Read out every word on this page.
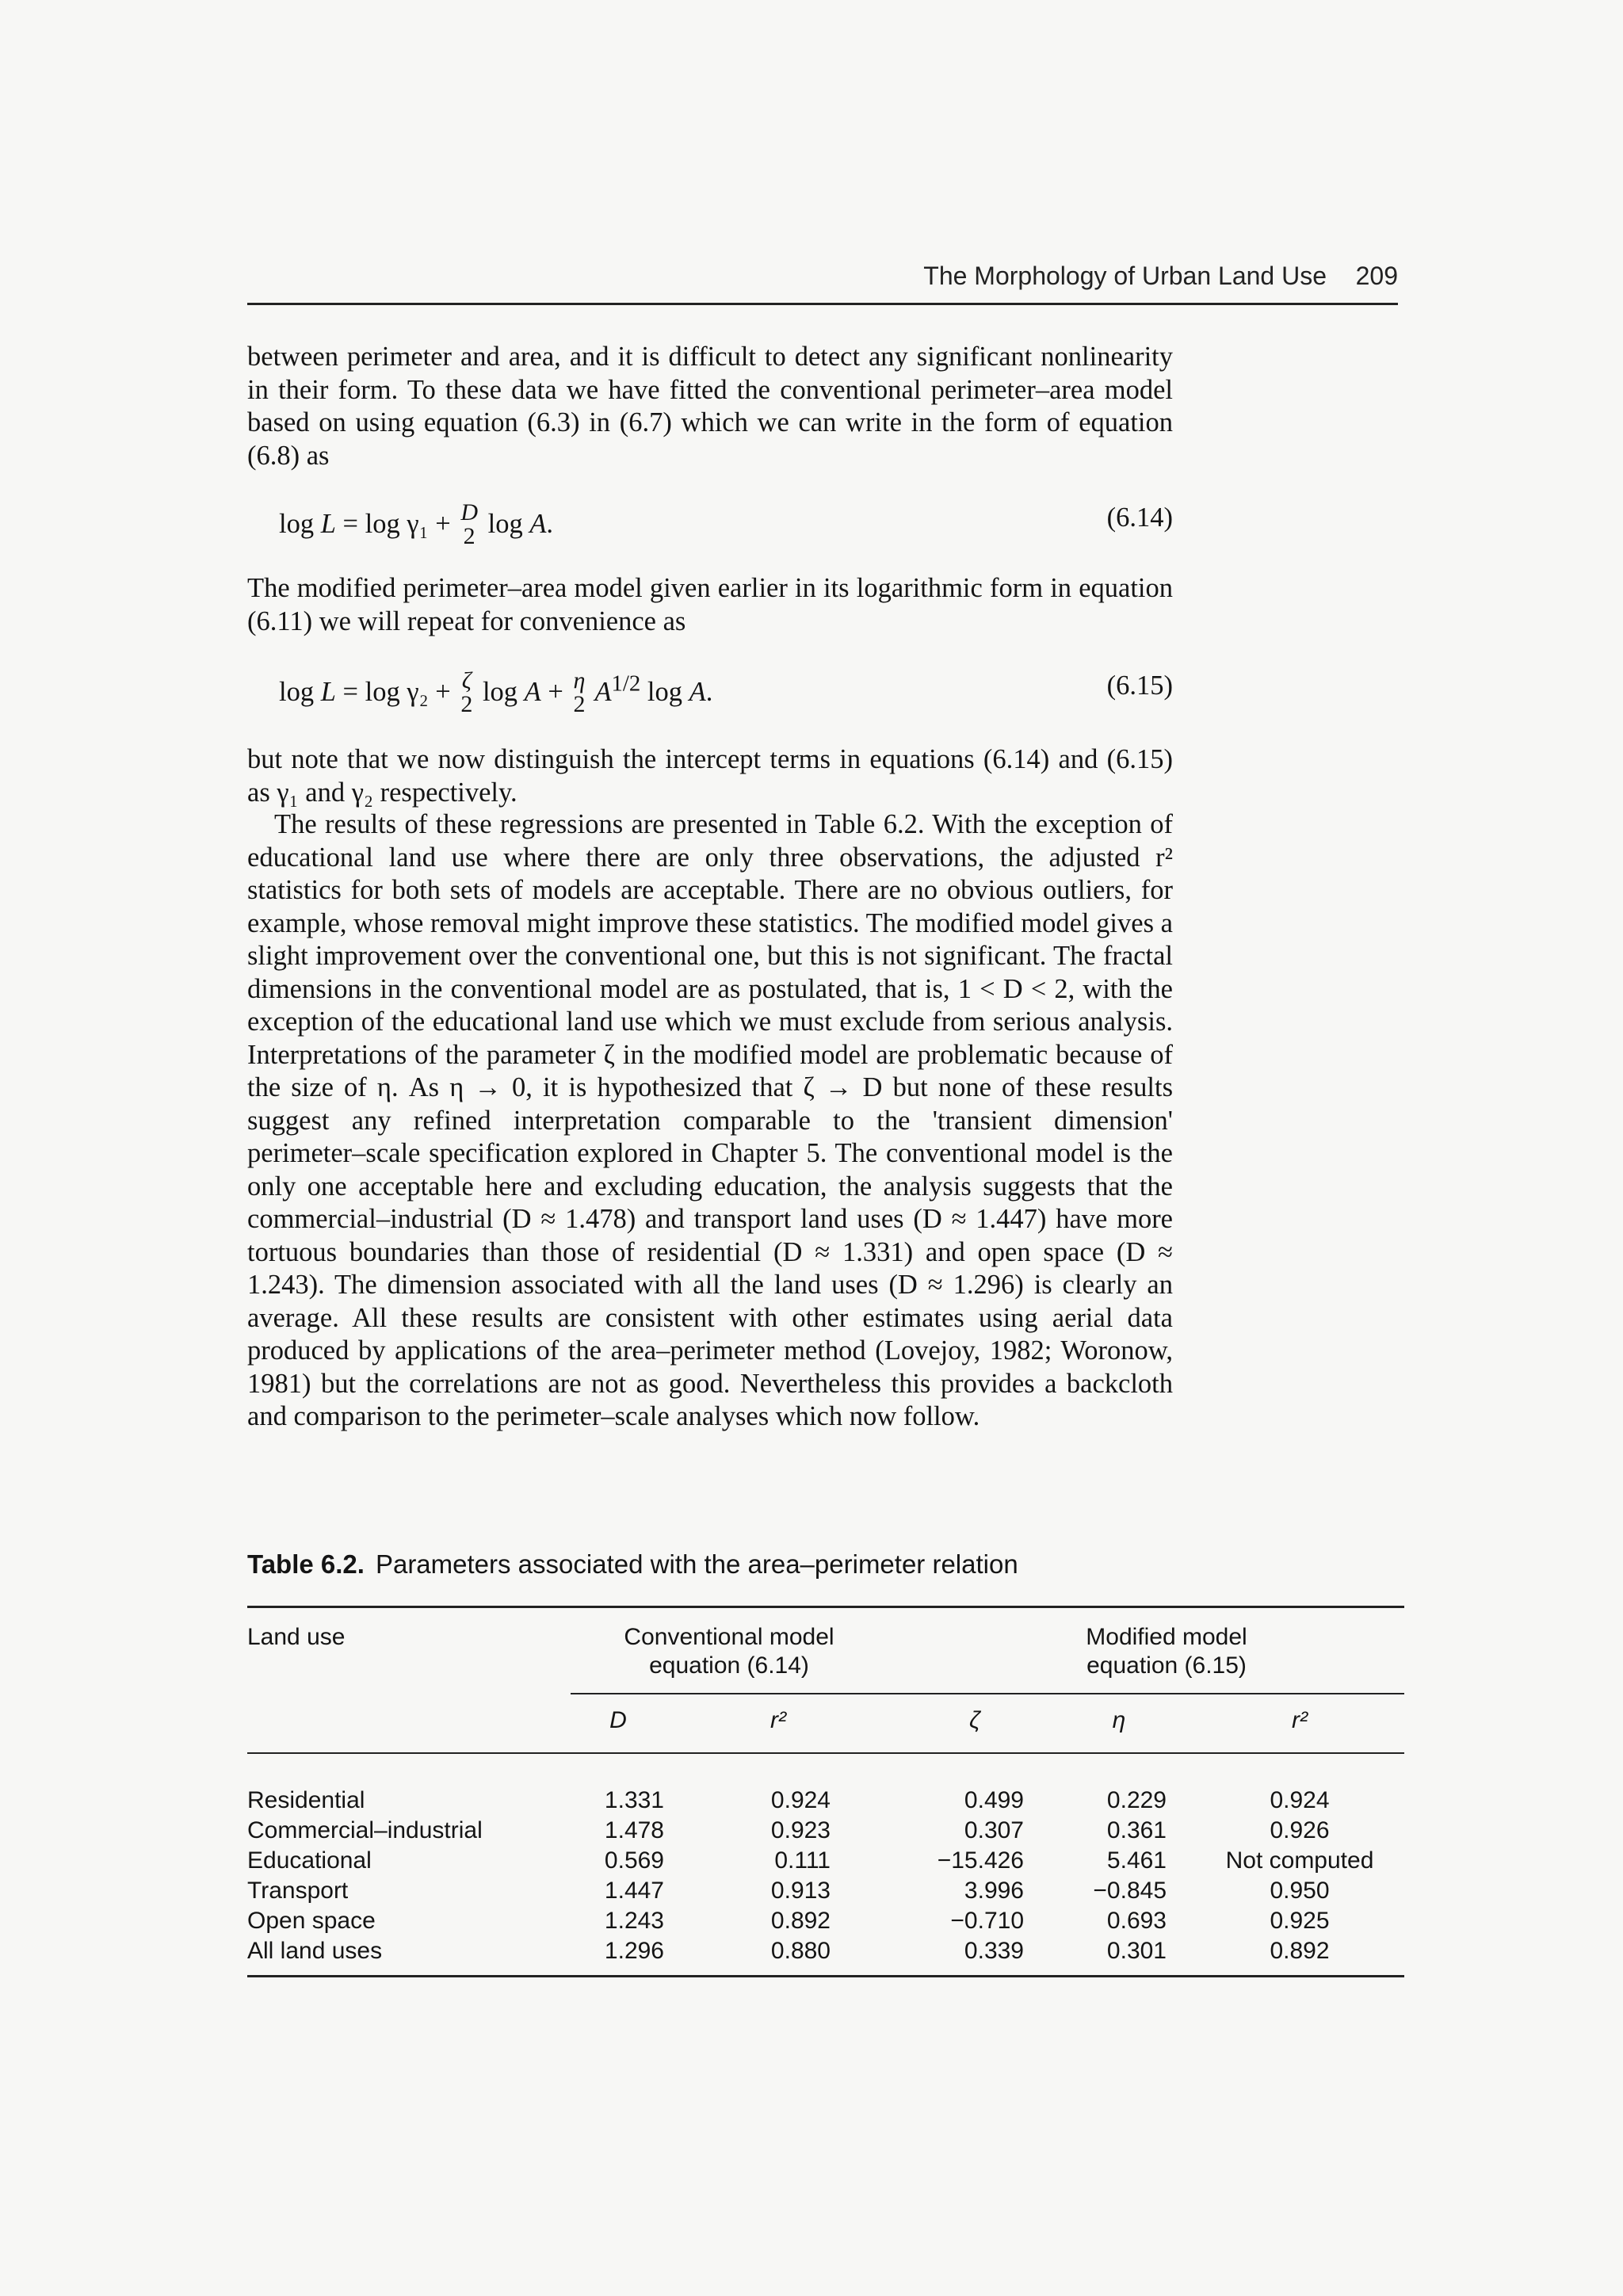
The Morphology of Urban Land Use 209

between perimeter and area, and it is difficult to detect any significant nonlinearity in their form. To these data we have fitted the conventional perimeter–area model based on using equation (6.3) in (6.7) which we can write in the form of equation (6.8) as

log L = log γ₁ + D
2 log A.	(6.14)

The modified perimeter–area model given earlier in its logarithmic form in equation (6.11) we will repeat for convenience as

log L = log γ₂ + ζ
2 log A + η
2 $A^{1/2}$ log A.	(6.15)

but note that we now distinguish the intercept terms in equations (6.14) and (6.15) as γ₁ and γ₂ respectively.

The results of these regressions are presented in Table 6.2. With the exception of educational land use where there are only three observations, the adjusted r² statistics for both sets of models are acceptable. There are no obvious outliers, for example, whose removal might improve these statistics. The modified model gives a slight improvement over the conventional one, but this is not significant. The fractal dimensions in the conventional model are as postulated, that is, 1 < D < 2, with the exception of the educational land use which we must exclude from serious analysis. Interpretations of the parameter ζ in the modified model are problematic because of the size of η. As η → 0, it is hypothesized that ζ → D but none of these results suggest any refined interpretation comparable to the 'transient dimension' perimeter–scale specification explored in Chapter 5. The conventional model is the only one acceptable here and excluding education, the analysis suggests that the commercial–industrial (D ≈ 1.478) and transport land uses (D ≈ 1.447) have more tortuous boundaries than those of residential (D ≈ 1.331) and open space (D ≈ 1.243). The dimension associated with all the land uses (D ≈ 1.296) is clearly an average. All these results are consistent with other estimates using aerial data produced by applications of the area–perimeter method (Lovejoy, 1982; Woronow, 1981) but the correlations are not as good. Nevertheless this provides a backcloth and comparison to the perimeter–scale analyses which now follow.

Table 6.2. Parameters associated with the area–perimeter relation
Land use	Conventional model
equation (6.14)
Modified model
equation (6.15)
D	r²	ζ	η	r²
Residential	1.331	0.924	0.499	0.229	0.924
Commercial–industrial	1.478	0.923	0.307	0.361	0.926
Educational	0.569	0.111	−15.426	5.461	Not computed
Transport	1.447	0.913	3.996	−0.845	0.950
Open space	1.243	0.892	−0.710	0.693	0.925
All land uses	1.296	0.880	0.339	0.301	0.892
